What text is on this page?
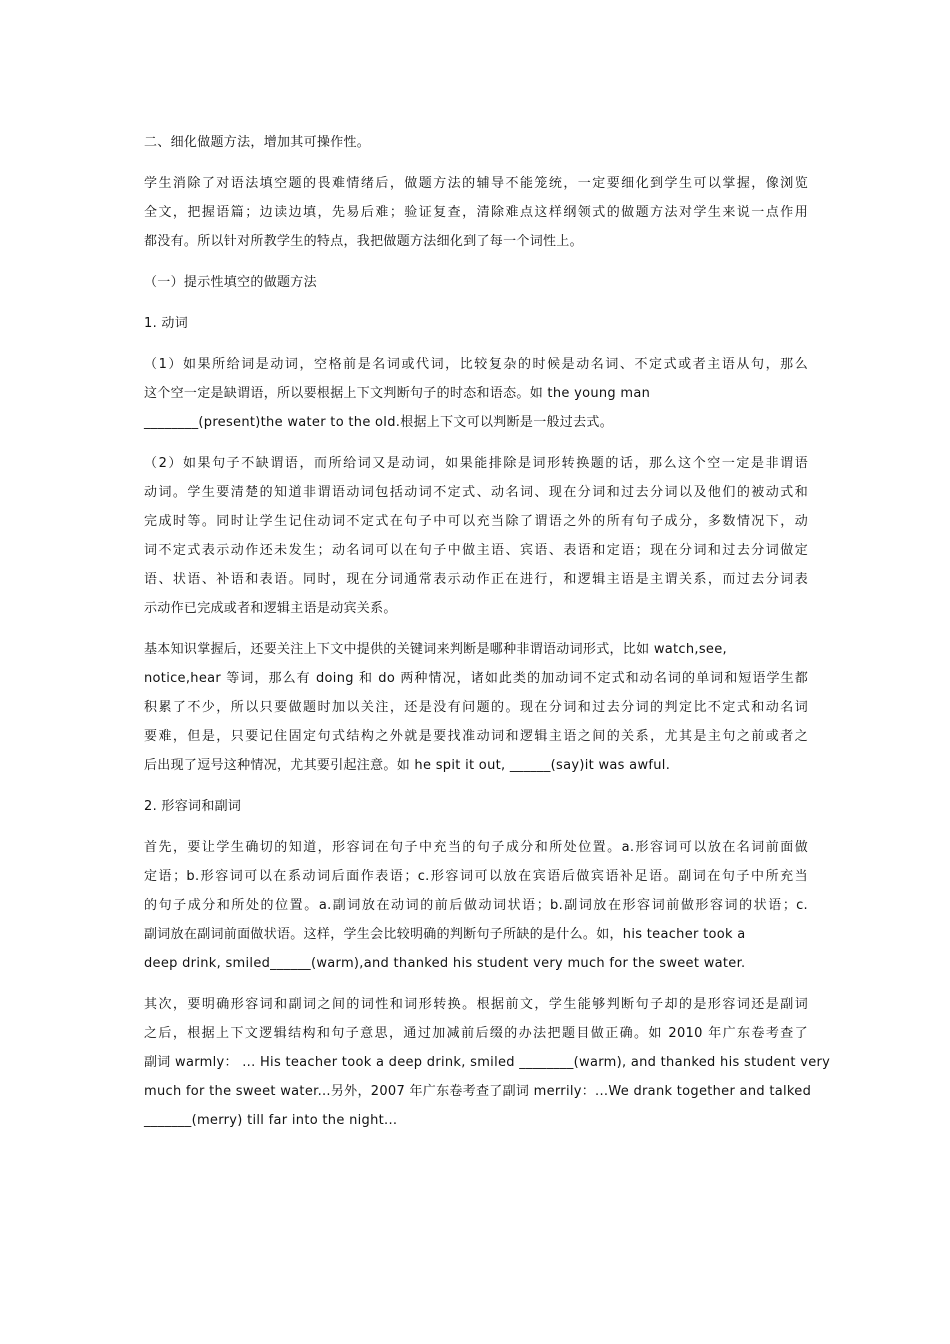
二、细化做题方法，增加其可操作性。
学生消除了对语法填空题的畏难情绪后，做题方法的辅导不能笼统，一定要细化到学生可以掌握，像浏览
全文，把握语篇；边读边填，先易后难；验证复查，清除难点这样纲领式的做题方法对学生来说一点作用
都没有。所以针对所教学生的特点，我把做题方法细化到了每一个词性上。
（一）提示性填空的做题方法
1. 动词
（1）如果所给词是动词，空格前是名词或代词，比较复杂的时候是动名词、不定式或者主语从句，那么
这个空一定是缺谓语，所以要根据上下文判断句子的时态和语态。如 the young man
________(present)the water to the old.根据上下文可以判断是一般过去式。
（2）如果句子不缺谓语，而所给词又是动词，如果能排除是词形转换题的话，那么这个空一定是非谓语
动词。学生要清楚的知道非谓语动词包括动词不定式、动名词、现在分词和过去分词以及他们的被动式和
完成时等。同时让学生记住动词不定式在句子中可以充当除了谓语之外的所有句子成分，多数情况下，动
词不定式表示动作还未发生；动名词可以在句子中做主语、宾语、表语和定语；现在分词和过去分词做定
语、状语、补语和表语。同时，现在分词通常表示动作正在进行，和逻辑主语是主谓关系，而过去分词表
示动作已完成或者和逻辑主语是动宾关系。
基本知识掌握后，还要关注上下文中提供的关键词来判断是哪种非谓语动词形式，比如 watch,see,
notice,hear 等词，那么有 doing 和 do 两种情况，诸如此类的加动词不定式和动名词的单词和短语学生都
积累了不少，所以只要做题时加以关注，还是没有问题的。现在分词和过去分词的判定比不定式和动名词
要难，但是，只要记住固定句式结构之外就是要找准动词和逻辑主语之间的关系，尤其是主句之前或者之
后出现了逗号这种情况，尤其要引起注意。如 he spit it out, ______(say)it was awful.
2. 形容词和副词
首先，要让学生确切的知道，形容词在句子中充当的句子成分和所处位置。a.形容词可以放在名词前面做
定语；b.形容词可以在系动词后面作表语；c.形容词可以放在宾语后做宾语补足语。副词在句子中所充当
的句子成分和所处的位置。a.副词放在动词的前后做动词状语；b.副词放在形容词前做形容词的状语；c.
副词放在副词前面做状语。这样，学生会比较明确的判断句子所缺的是什么。如，his teacher took a
deep drink, smiled______(warm),and thanked his student very much for the sweet water.
其次，要明确形容词和副词之间的词性和词形转换。根据前文，学生能够判断句子却的是形容词还是副词
之后，根据上下文逻辑结构和句子意思，通过加减前后缀的办法把题目做正确。如 2010 年广东卷考查了
副词 warmly： ... His teacher took a deep drink, smiled ________(warm), and thanked his student very
much for the sweet water...另外，2007 年广东卷考查了副词 merrily：...We drank together and talked
_______(merry) till far into the night...
